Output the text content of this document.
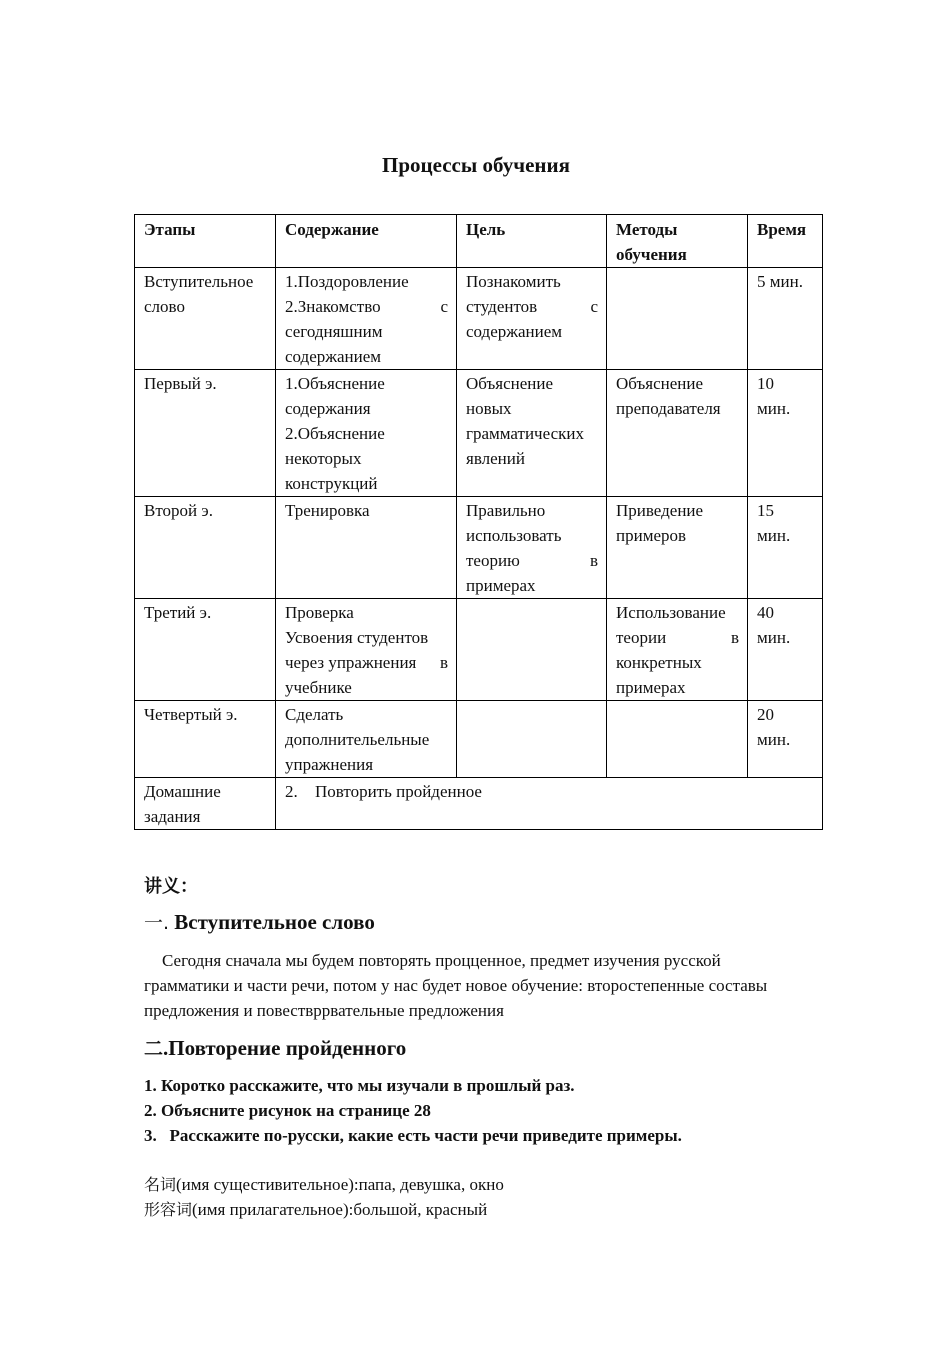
Процессы обучения
Этапы	Содержание	Цель	Методы обучения	Время

Вступительное
слово	1.Поздоровление
2.Знакомство с
сегодняшним
содержанием	Познакомить
студентов с
содержанием		5 мин.

Первый э.	1.Объяснение
содержания
2.Объяснение
некоторых
конструкций	Объяснение
новых
грамматических
явлений	Объяснение
преподавателя	10
мин.

Второй э.	Тренировка	Правильно
использовать
теорию в
примерах	Приведение
примеров	15
мин.

Третий э.	Проверка
Усвоения студентов
через упражнения в
учебнике		Использование
теории в
конкретных
примерах	40
мин.

Четвертый э.	Сделать
дополнительельные
упражнения			20
мин.

Домашние
задания	2. Повторить пройденное			
讲义：
一. Вступительное слово
Сегодня сначала мы будем повторять процценное, предмет изучения русской грамматики и части речи, потом у нас будет новое обучение: второстепенные составы предложения и повествррвательные предложения
二.Повторение пройденного
1. Коротко расскажите, что мы изучали в прошлый раз.
2. Объясните рисунок на странице 28
3.   Расскажите по-русски, какие есть части речи приведите примеры.
名词(имя сущестивительное):папа, девушка, окно
形容词(имя прилагательное):большой, красный
